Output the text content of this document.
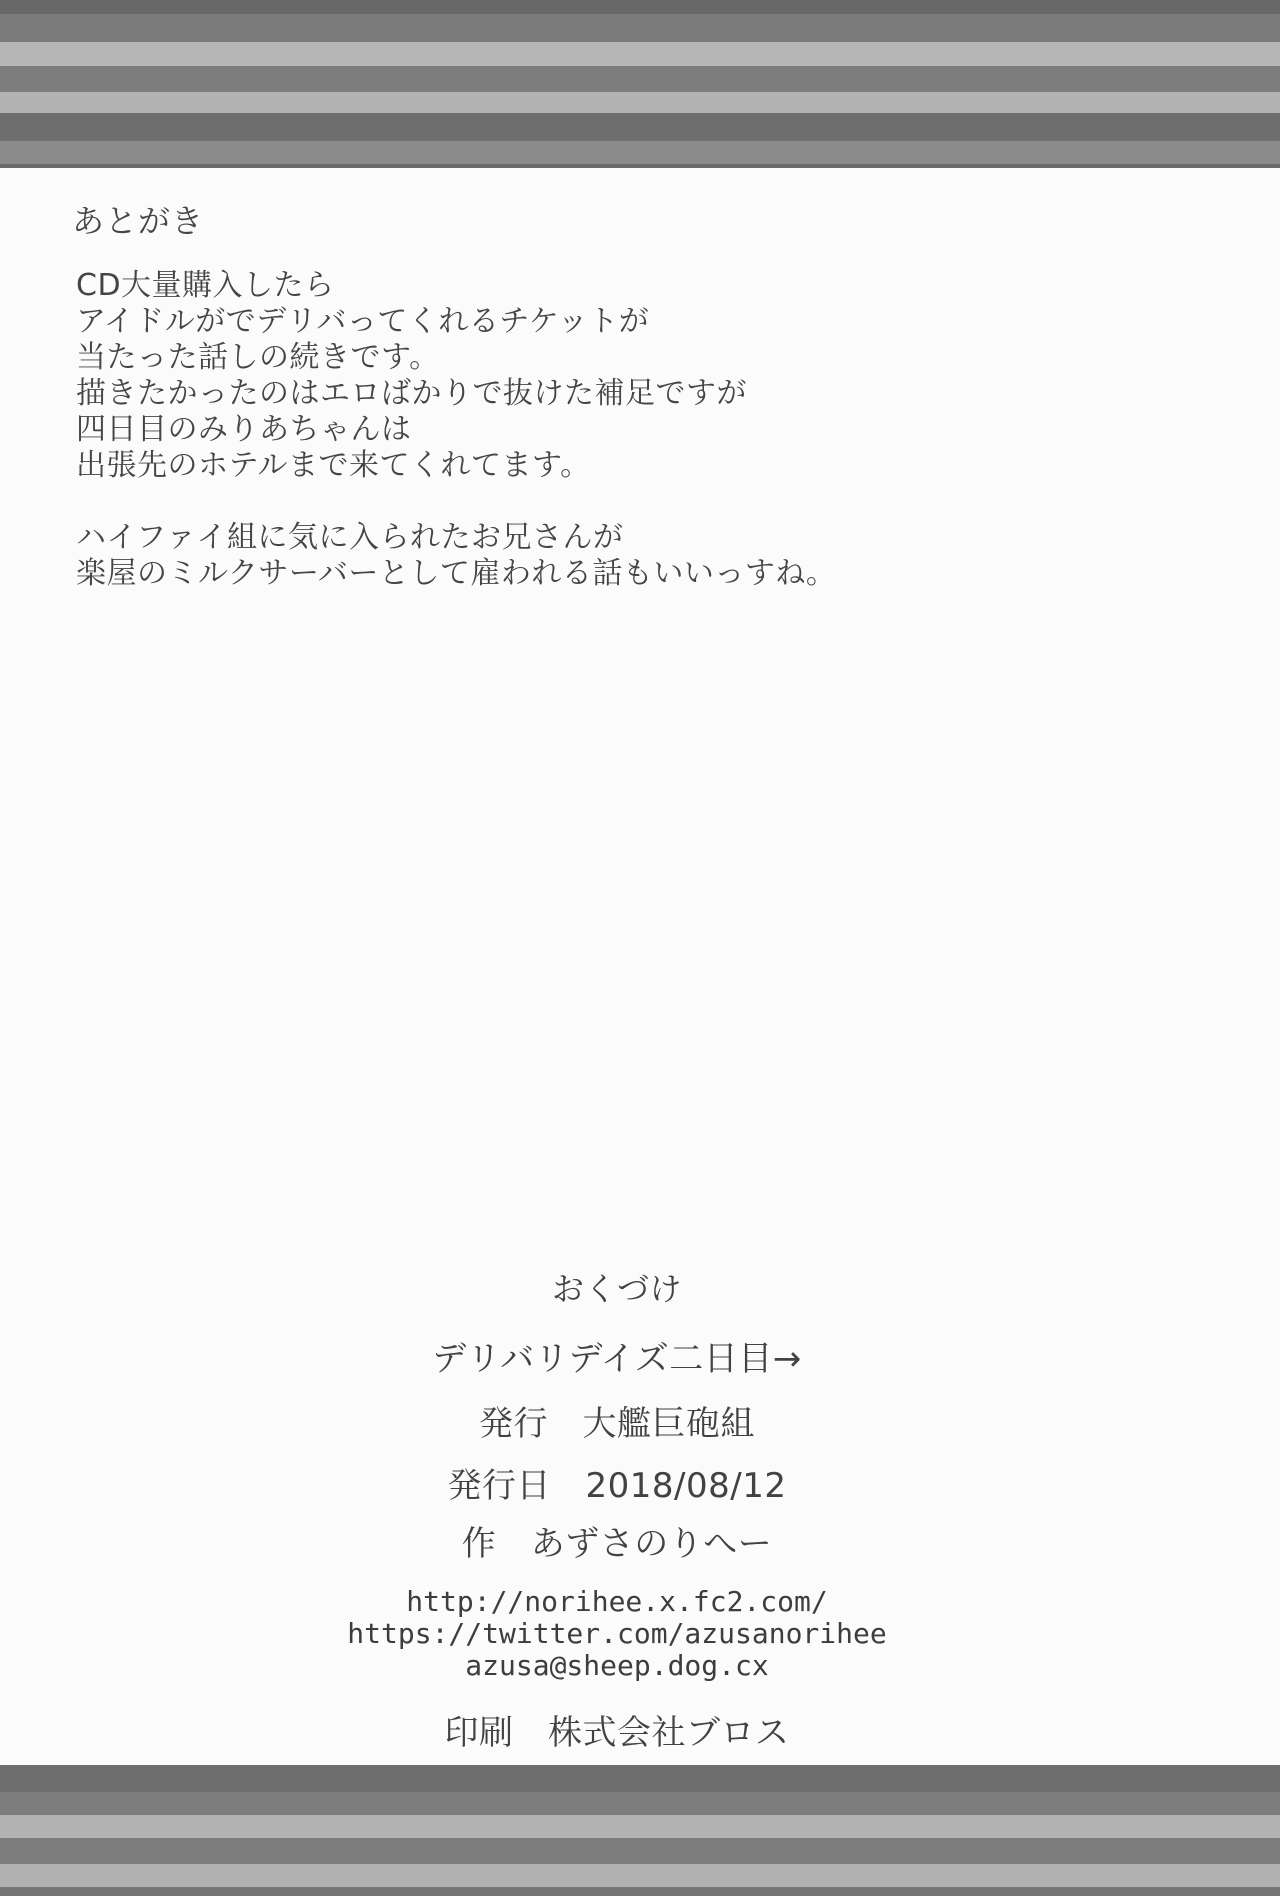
あとがき
CD大量購入したら
アイドルがでデリバってくれるチケットが
当たった話しの続きです。
描きたかったのはエロばかりで抜けた補足ですが
四日目のみりあちゃんは
出張先のホテルまで来てくれてます。
ハイファイ組に気に入られたお兄さんが
楽屋のミルクサーバーとして雇われる話もいいっすね。
おくづけ
デリバリデイズ二日目→
発行　大艦巨砲組
発行日　2018/08/12
作　あずさのりへー
http://norihee.x.fc2.com/
https://twitter.com/azusanorihee
azusa@sheep.dog.cx
印刷　株式会社ブロス
